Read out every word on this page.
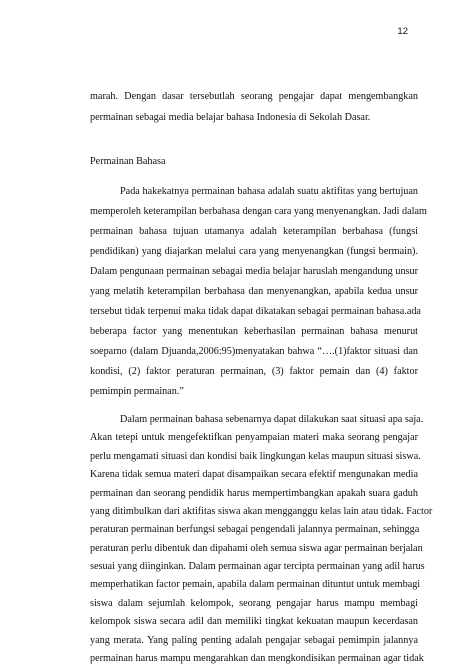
12
marah. Dengan dasar tersebutlah seorang pengajar dapat mengembangkan
permainan sebagai media belajar bahasa Indonesia di Sekolah Dasar.
Permainan Bahasa
Pada hakekatnya permainan bahasa adalah suatu aktifitas yang bertujuan
memperoleh keterampilan berbahasa dengan cara yang menyenangkan. Jadi dalam
permainan bahasa tujuan utamanya adalah keterampilan berbahasa (fungsi
pendidikan) yang diajarkan melalui cara yang menyenangkan (fungsi bermain).
Dalam pengunaan permainan sebagai media belajar haruslah mengandung unsur
yang melatih keterampilan berbahasa dan menyenangkan, apabila kedua unsur
tersebut tidak terpenui maka tidak dapat dikatakan sebagai permainan bahasa.ada
beberapa factor yang menentukan keberhasilan permainan bahasa menurut
soeparno (dalam Djuanda,2006:95)menyatakan bahwa “….(1)faktor situasi dan
kondisi, (2) faktor peraturan permainan, (3) faktor pemain dan (4) faktor
pemimpin permainan.”
Dalam permainan bahasa sebenarnya dapat dilakukan saat situasi apa saja.
Akan tetepi untuk mengefektifkan penyampaian materi maka seorang pengajar
perlu mengamati situasi dan kondisi baik lingkungan kelas maupun situasi siswa.
Karena tidak semua materi dapat disampaikan secara efektif mengunakan media
permainan dan seorang pendidik harus mempertimbangkan apakah suara gaduh
yang ditimbulkan dari aktifitas siswa akan mengganggu kelas lain atau tidak. Factor
peraturan permainan berfungsi sebagai pengendali jalannya permainan, sehingga
peraturan perlu dibentuk dan dipahami oleh semua siswa agar permainan berjalan
sesuai yang diinginkan. Dalam permainan agar tercipta permainan yang adil harus
memperhatikan factor pemain, apabila dalam permainan dituntut untuk membagi
siswa dalam sejumlah kelompok, seorang pengajar harus mampu membagi
kelompok siswa secara adil dan memiliki tingkat kekuatan maupun kecerdasan
yang merata. Yang paling penting adalah pengajar sebagai pemimpin jalannya
permainan harus mampu mengarahkan dan mengkondisikan permainan agar tidak
